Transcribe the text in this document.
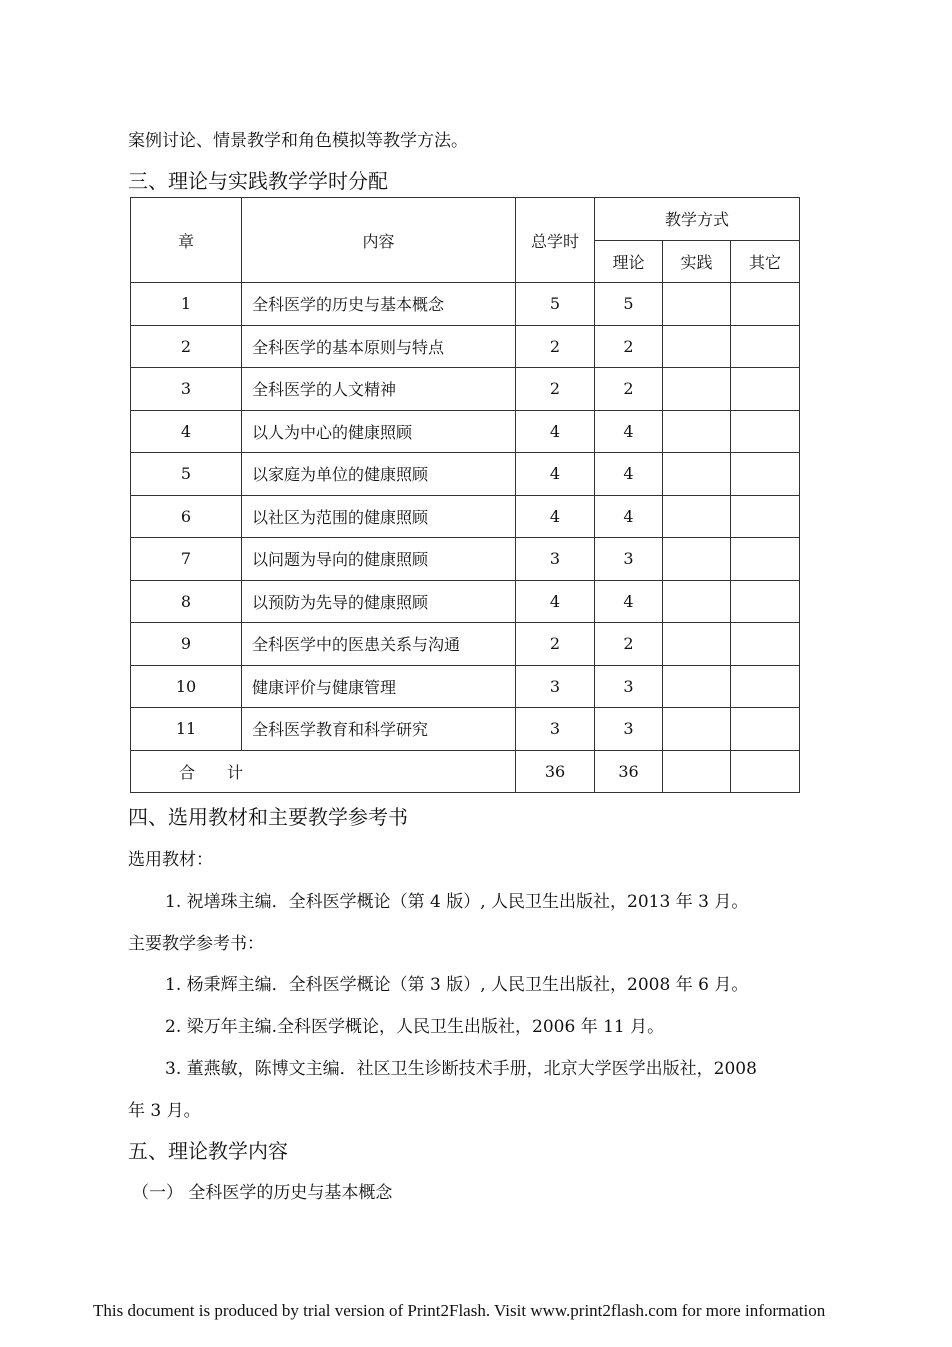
案例讨论、情景教学和角色模拟等教学方法。
三、理论与实践教学学时分配
章	内容	总学时	教学方式		
			理论	实践	其它
1	全科医学的历史与基本概念	5	5		
2	全科医学的基本原则与特点	2	2		
3	全科医学的人文精神	2	2		
4	以人为中心的健康照顾	4	4		
5	以家庭为单位的健康照顾	4	4		
6	以社区为范围的健康照顾	4	4		
7	以问题为导向的健康照顾	3	3		
8	以预防为先导的健康照顾	4	4		
9	全科医学中的医患关系与沟通	2	2		
10	健康评价与健康管理	3	3		
11	全科医学教育和科学研究	3	3		
合　　计		36	36		
四、选用教材和主要教学参考书
选用教材：
1. 祝墡珠主编．全科医学概论（第 4 版）, 人民卫生出版社，2013 年 3 月。
主要教学参考书：
1. 杨秉辉主编．全科医学概论（第 3 版）, 人民卫生出版社，2008 年 6 月。
2. 梁万年主编.全科医学概论，人民卫生出版社，2006 年 11 月。
3. 董燕敏，陈博文主编．社区卫生诊断技术手册，北京大学医学出版社，2008
年 3 月。
五、理论教学内容
（一） 全科医学的历史与基本概念
This document is produced by trial version of Print2Flash. Visit www.print2flash.com for more information
